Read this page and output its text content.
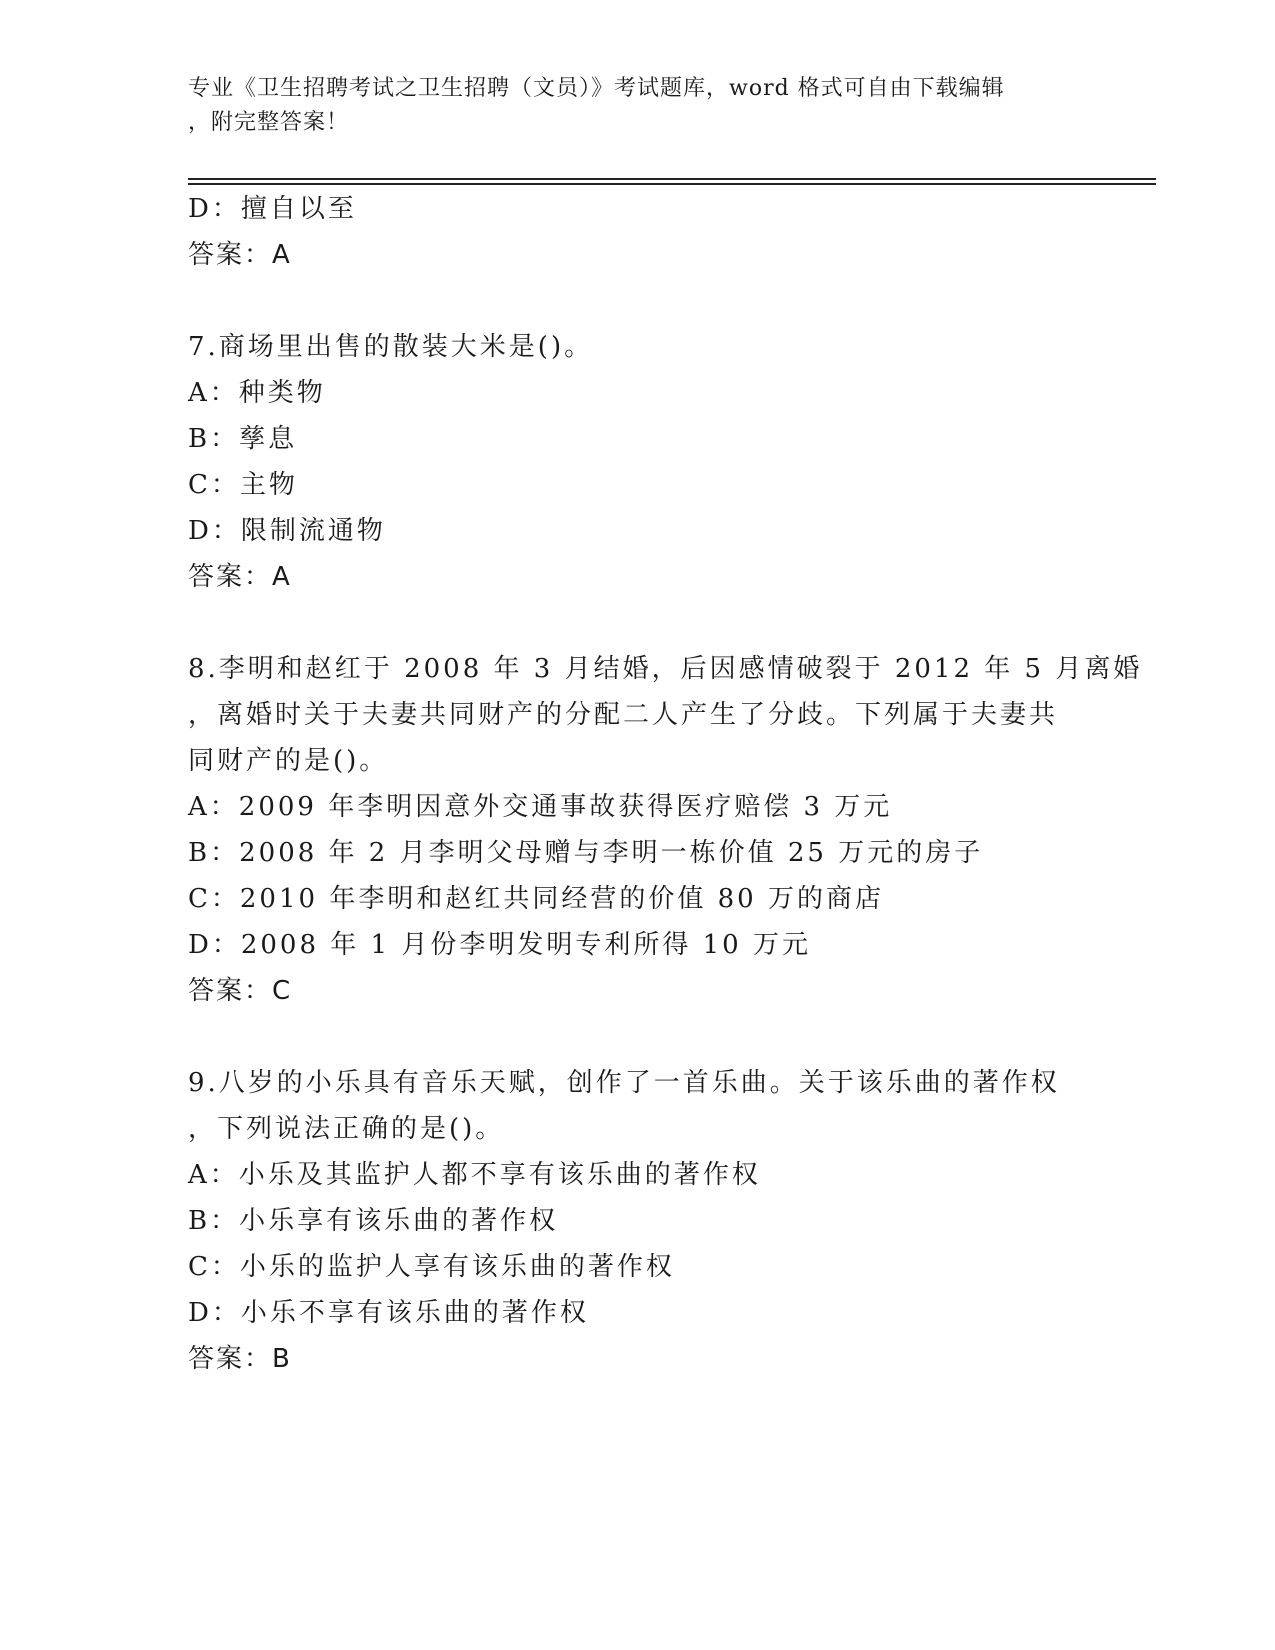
专业《卫生招聘考试之卫生招聘（文员）》考试题库，word 格式可自由下载编辑
，附完整答案！

D：擅自以至

答案：A

7.商场里出售的散装大米是()。

A：种类物

B：孳息

C：主物

D：限制流通物

答案：A

8.李明和赵红于 2008 年 3 月结婚，后因感情破裂于 2012 年 5 月离婚

，离婚时关于夫妻共同财产的分配二人产生了分歧。下列属于夫妻共

同财产的是()。

A：2009 年李明因意外交通事故获得医疗赔偿 3 万元

B：2008 年 2 月李明父母赠与李明一栋价值 25 万元的房子

C：2010 年李明和赵红共同经营的价值 80 万的商店

D：2008 年 1 月份李明发明专利所得 10 万元

答案：C

9.八岁的小乐具有音乐天赋，创作了一首乐曲。关于该乐曲的著作权

，下列说法正确的是()。

A：小乐及其监护人都不享有该乐曲的著作权

B：小乐享有该乐曲的著作权

C：小乐的监护人享有该乐曲的著作权

D：小乐不享有该乐曲的著作权

答案：B
